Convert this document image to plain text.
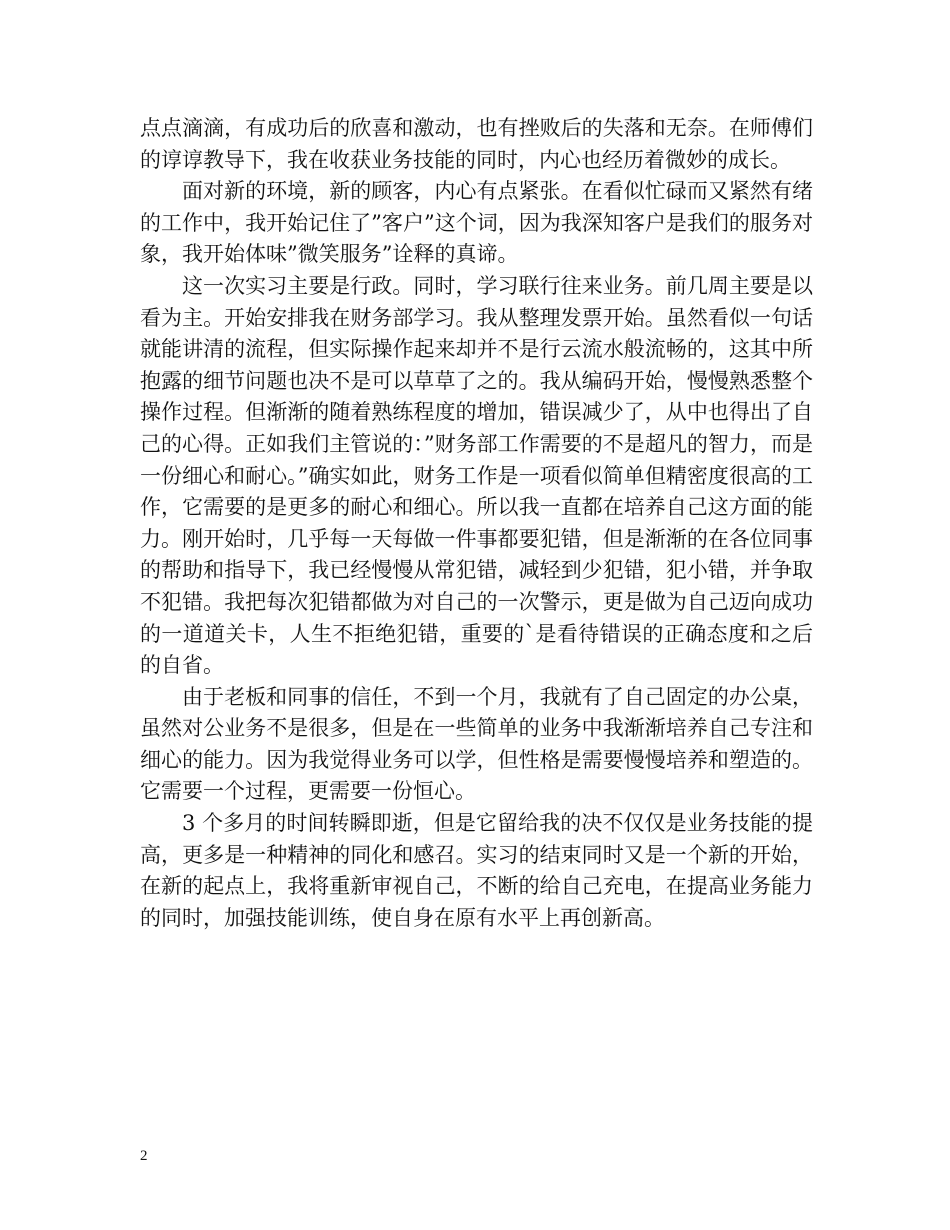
点点滴滴，有成功后的欣喜和激动，也有挫败后的失落和无奈。在师傅们的谆谆教导下，我在收获业务技能的同时，内心也经历着微妙的成长。

面对新的环境，新的顾客，内心有点紧张。在看似忙碌而又紧然有绪的工作中，我开始记住了”客户”这个词，因为我深知客户是我们的服务对象，我开始体味”微笑服务”诠释的真谛。

这一次实习主要是行政。同时，学习联行往来业务。前几周主要是以看为主。开始安排我在财务部学习。我从整理发票开始。虽然看似一句话就能讲清的流程，但实际操作起来却并不是行云流水般流畅的，这其中所抱露的细节问题也决不是可以草草了之的。我从编码开始，慢慢熟悉整个操作过程。但渐渐的随着熟练程度的增加，错误减少了，从中也得出了自己的心得。正如我们主管说的：”财务部工作需要的不是超凡的智力，而是一份细心和耐心。”确实如此，财务工作是一项看似简单但精密度很高的工作，它需要的是更多的耐心和细心。所以我一直都在培养自己这方面的能力。刚开始时，几乎每一天每做一件事都要犯错，但是渐渐的在各位同事的帮助和指导下，我已经慢慢从常犯错，减轻到少犯错，犯小错，并争取不犯错。我把每次犯错都做为对自己的一次警示，更是做为自己迈向成功的一道道关卡，人生不拒绝犯错，重要的`是看待错误的正确态度和之后的自省。

由于老板和同事的信任，不到一个月，我就有了自己固定的办公桌，虽然对公业务不是很多，但是在一些简单的业务中我渐渐培养自己专注和细心的能力。因为我觉得业务可以学，但性格是需要慢慢培养和塑造的。它需要一个过程，更需要一份恒心。

3 个多月的时间转瞬即逝，但是它留给我的决不仅仅是业务技能的提高，更多是一种精神的同化和感召。实习的结束同时又是一个新的开始，在新的起点上，我将重新审视自己，不断的给自己充电，在提高业务能力的同时，加强技能训练，使自身在原有水平上再创新高。

2
